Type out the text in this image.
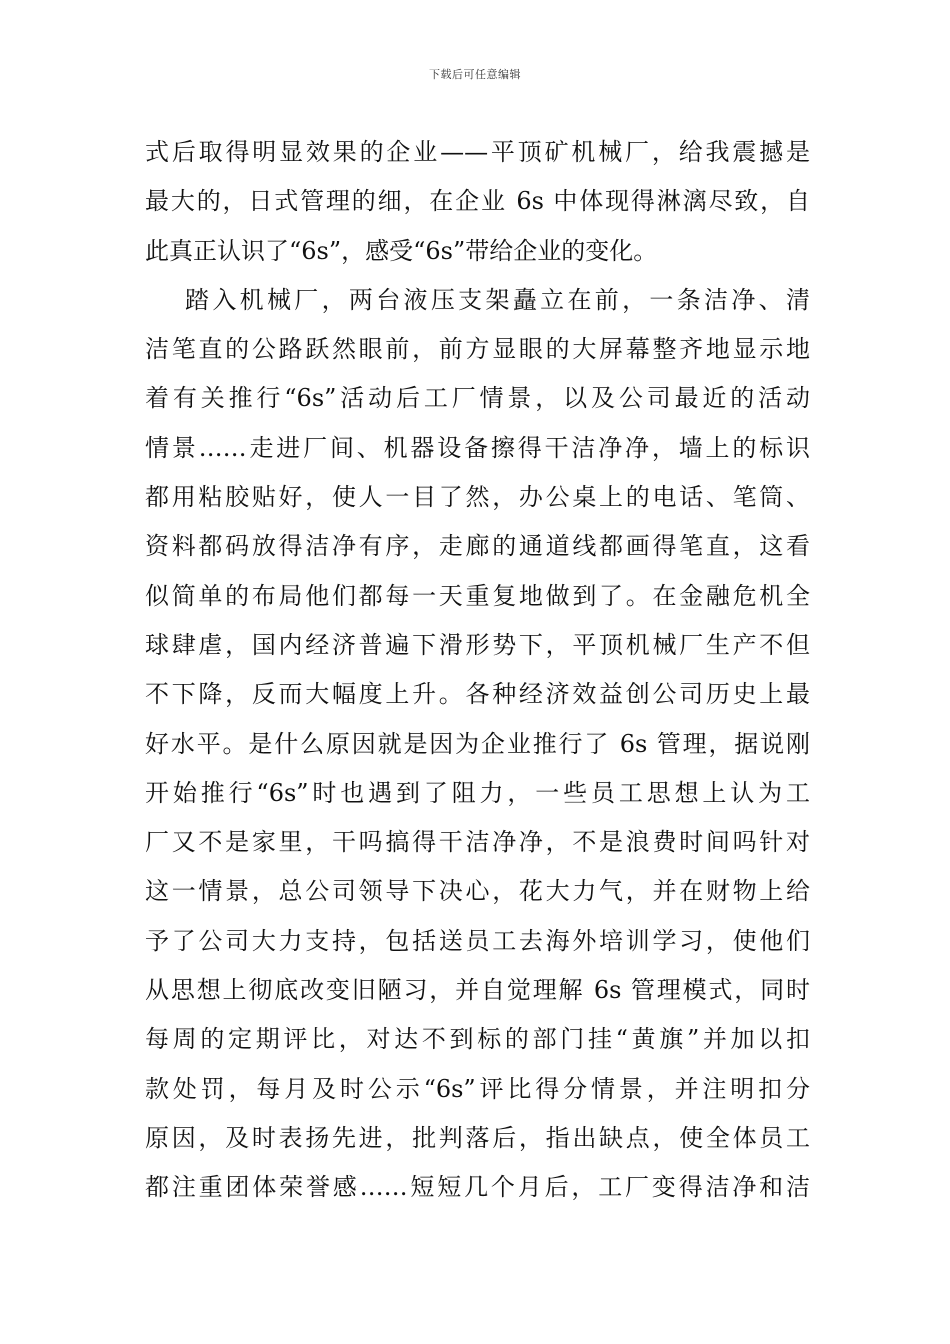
下载后可任意编辑
式后取得明显效果的企业——平顶矿机械厂，给我震撼是
最大的，日式管理的细，在企业 6s 中体现得淋漓尽致，自
此真正认识了“6s”，感受“6s”带给企业的变化。
踏入机械厂，两台液压支架矗立在前，一条洁净、清
洁笔直的公路跃然眼前，前方显眼的大屏幕整齐地显示地
着有关推行“6s”活动后工厂情景，以及公司最近的活动
情景……走进厂间、机器设备擦得干洁净净，墙上的标识
都用粘胶贴好，使人一目了然，办公桌上的电话、笔筒、
资料都码放得洁净有序，走廊的通道线都画得笔直，这看
似简单的布局他们都每一天重复地做到了。在金融危机全
球肆虐，国内经济普遍下滑形势下，平顶机械厂生产不但
不下降，反而大幅度上升。各种经济效益创公司历史上最
好水平。是什么原因就是因为企业推行了 6s 管理，据说刚
开始推行“6s”时也遇到了阻力，一些员工思想上认为工
厂又不是家里，干吗搞得干洁净净，不是浪费时间吗针对
这一情景，总公司领导下决心，花大力气，并在财物上给
予了公司大力支持，包括送员工去海外培训学习，使他们
从思想上彻底改变旧陋习，并自觉理解 6s 管理模式，同时
每周的定期评比，对达不到标的部门挂“黄旗”并加以扣
款处罚，每月及时公示“6s”评比得分情景，并注明扣分
原因，及时表扬先进，批判落后，指出缺点，使全体员工
都注重团体荣誉感……短短几个月后，工厂变得洁净和洁
